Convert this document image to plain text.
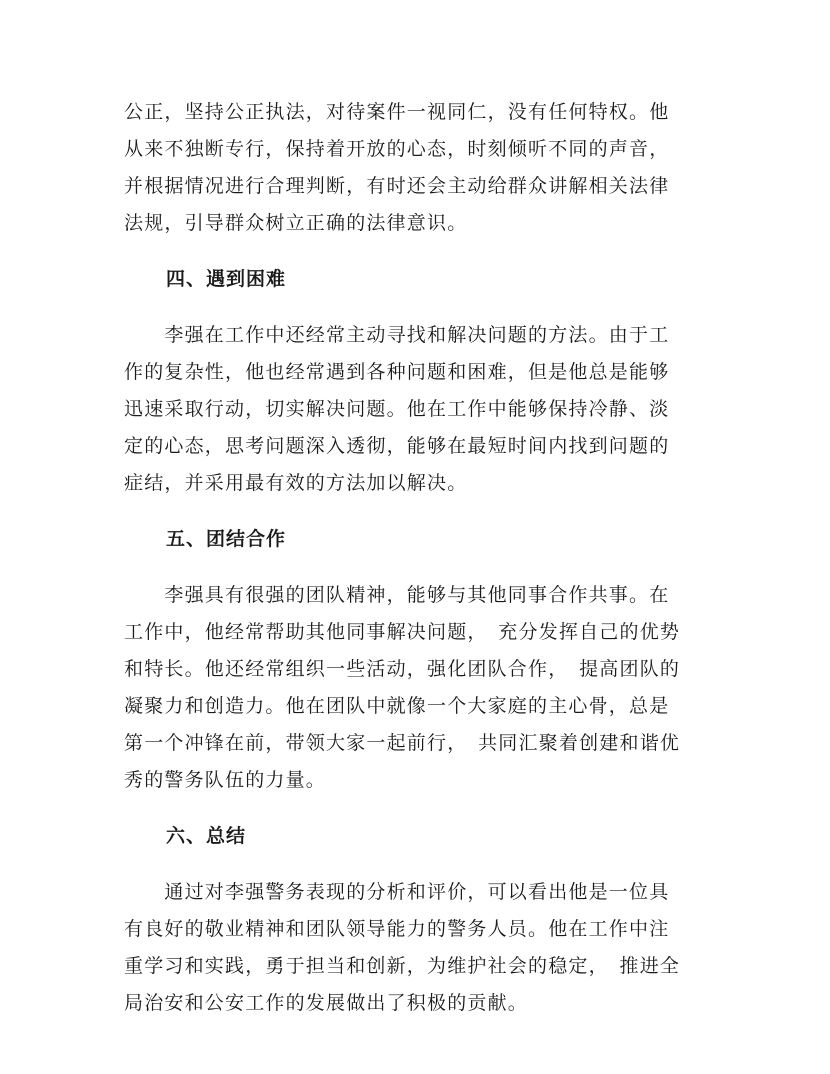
公正，坚持公正执法，对待案件一视同仁，没有任何特权。他
从来不独断专行，保持着开放的心态，时刻倾听不同的声音，
并根据情况进行合理判断，有时还会主动给群众讲解相关法律
法规，引导群众树立正确的法律意识。

四、遇到困难

　　李强在工作中还经常主动寻找和解决问题的方法。由于工
作的复杂性，他也经常遇到各种问题和困难，但是他总是能够
迅速采取行动，切实解决问题。他在工作中能够保持冷静、淡
定的心态，思考问题深入透彻，能够在最短时间内找到问题的
症结，并采用最有效的方法加以解决。

五、团结合作

　　李强具有很强的团队精神，能够与其他同事合作共事。在
工作中，他经常帮助其他同事解决问题，　充分发挥自己的优势
和特长。他还经常组织一些活动，强化团队合作，　提高团队的
凝聚力和创造力。他在团队中就像一个大家庭的主心骨，总是
第一个冲锋在前，带领大家一起前行，　共同汇聚着创建和谐优
秀的警务队伍的力量。

六、总结

　　通过对李强警务表现的分析和评价，可以看出他是一位具
有良好的敬业精神和团队领导能力的警务人员。他在工作中注
重学习和实践，勇于担当和创新，为维护社会的稳定，　推进全
局治安和公安工作的发展做出了积极的贡献。
